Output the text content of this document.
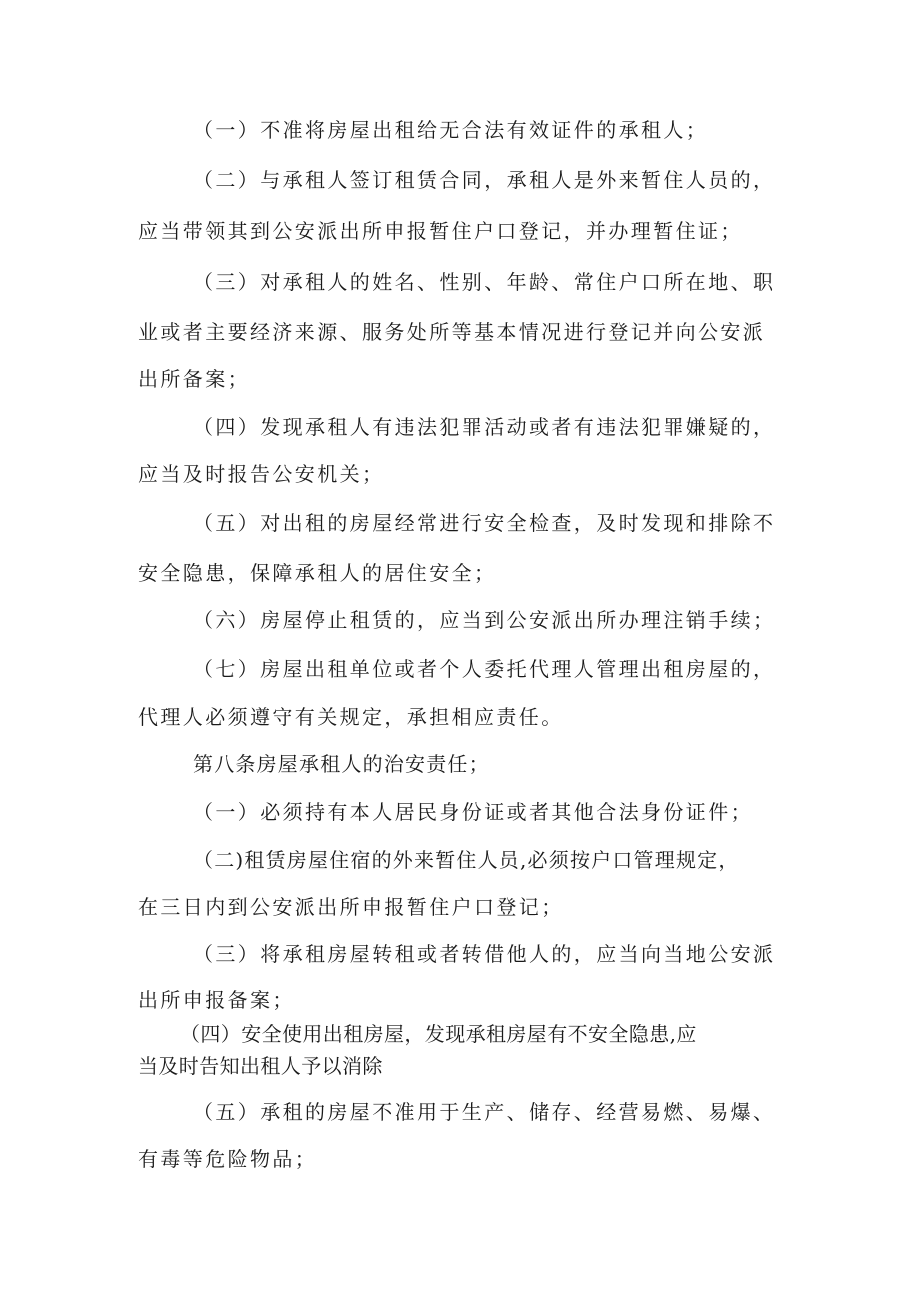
（一）不准将房屋出租给无合法有效证件的承租人；
（二）与承租人签订租赁合同，承租人是外来暂住人员的，
应当带领其到公安派出所申报暂住户口登记，并办理暂住证；
（三）对承租人的姓名、性别、年龄、常住户口所在地、职
业或者主要经济来源、服务处所等基本情况进行登记并向公安派
出所备案；
（四）发现承租人有违法犯罪活动或者有违法犯罪嫌疑的，
应当及时报告公安机关；
（五）对出租的房屋经常进行安全检查，及时发现和排除不
安全隐患，保障承租人的居住安全；
（六）房屋停止租赁的，应当到公安派出所办理注销手续；
（七）房屋出租单位或者个人委托代理人管理出租房屋的，
代理人必须遵守有关规定，承担相应责任。
第八条房屋承租人的治安责任；
（一）必须持有本人居民身份证或者其他合法身份证件；
（二)租赁房屋住宿的外来暂住人员,必须按户口管理规定，
在三日内到公安派出所申报暂住户口登记；
（三）将承租房屋转租或者转借他人的，应当向当地公安派
出所申报备案；
（四）安全使用出租房屋，发现承租房屋有不安全隐患,应
当及时告知出租人予以消除
（五）承租的房屋不准用于生产、储存、经营易燃、易爆、
有毒等危险物品；
